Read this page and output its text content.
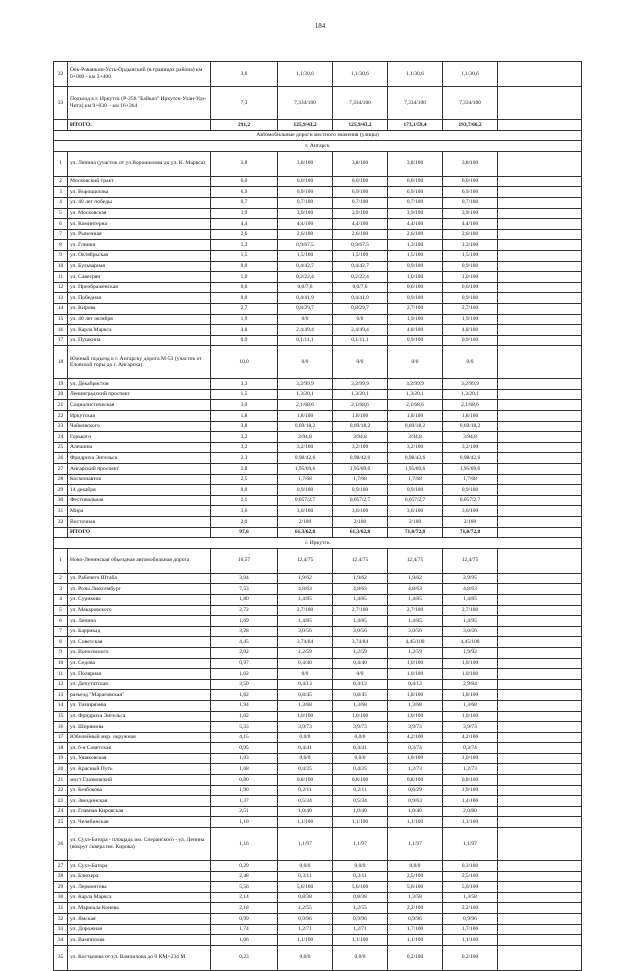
184
32	Оек-Рованкин-Усть-Ордынский (в границах района) км 0+000 - км 3+400	3,6	1,1/30,6	1,1/30,6	1,1/30,6	1,1/30,6	
33	Подъезд к г. Иркутск (Р-258 "Байкал" Иркутск-Улан-Удэ-Чита) км 9+030 – км 16+364	7,3	7,334/100	7,334/100	7,334/100	7,334/100	
	ИТОГО:	291,2	125,9/43,2	125,9/43,2	173,1/59,4	193,7/66,2	
Автомобильные дороги местного значения (улицы)							
г. Ангарск							
1	ул. Ленина (участок от ул.Ворошилова до ул. К. Маркса)	3,8	3,8/100	3,8/100	3,8/100	3,8/100	
2	Московский тракт	6,0	6,0/100	6,0/100	6,0/100	6,0/100	
3	ул. Ворошилова	6,9	6,9/100	6,9/100	6,9/100	6,9/100	
4	ул. 40 лет победы	0,7	0,7/100	0,7/100	0,7/100	0,7/100	
5	ул. Московская	3,9	3,9/100	3,9/100	3,9/100	3,9/100	
6	ул. Коминтерна	4,4	4,4/100	4,4/100	4,4/100	4,4/100	
7	ул. Рыночная	2,6	2,6/100	2,6/100	2,6/100	2,6/100	
8	ул. Глинки	1,3	0,9/67,5	0,9/67,5	1,3/100	1,3/100	
9	ул. Октябрьская	1,5	1,5/100	1,5/100	1,5/100	1,5/100	
10	ул. Бульварная	0,9	0,4/42,7	0,4/42,7	0,9/100	0,9/100	
11	ул. Савесрян	1,0	0,2/22,4	0,2/22,4	1,0/100	1,0/100	
12	ул. Преображенская	0,6	0,0/7,6	0,0/7,6	0,6/100	0,6/100	
13	ул. Победная	0,9	0,4/41,9	0,4/41,9	0,9/100	0,9/100	
14	ул. Кирова	2,7	0,8/29,7	0,8/29,7	2,7/100	2,7/100	
15	ул. 40 лет октября	1,9	0/0	0/0	1,9/100	1,9/100	
16	ул. Карла Маркса	4,8	2,4/49,4	2,4/49,4	4,8/100	4,8/100	
17	ул. Пушкина	0,9	0,1/11,1	0,1/11,1	0,9/100	0,9/100	
18	Южный подъезд к г. Ангарску дорога М-53 (участок от Еловской горы до г. Ангарска)	10,0	0/0	0/0	0/0	0/0	
19	ул. Декабристов	3,3	3,2/99,9	3,2/99,9	3,2/99,9	3,2/99,9	
20	Ленинградский проспект	1,5	1,3/20,1	1,3/20,1	1,3/20,1	1,3/20,1	
21	Социалистическая	3,0	2,1/68,6	2,1/68,6	2,1/68,6	2,1/68,6	
22	Иркутская	1,8	1,8/100	1,8/100	1,8/100	1,8/100	
23	Чайковского	3,8	0,69/18,2	0,69/18,2	0,69/18,2	0,69/18,2	
24	Горького	3,2	3/94,8	3/94,8	3/94,8	3/94,8	
25	Алешина	3,2	3,2/100	3,2/100	3,2/100	3,2/100	
26	Фридриха Энгельса	2,3	0,98/42,6	0,98/42,6	0,98/42,6	0,98/42,6	
27	Ангарский проспект	2,8	1,95/69,6	1,95/69,6	1,95/69,6	1,95/69,6	
28	Космонавтов	2,5	1,7/68	1,7/68	1,7/68	1,7/68	
29	14 декабря	0,9	0,9/100	0,9/100	0,9/100	0,9/100	
30	Фестивальная	2,1	0,057/2,7	0,057/2,7	0,057/2,7	0,057/2,7	
31	Мира	3,6	3,6/100	3,6/100	3,6/100	3,6/100	
32	Восточная	2,0	2/100	2/100	2/100	2/100	
	ИТОГО	97,6	61,3/62,8	61,3/62,8	71,0/72,8	71,0/72,8	
г. Иркутск							
1	Ново-Ленинская объездная автомобильная дорога	16,57	12,4/75	12,4/75	12,4/75	12,4/75	
2	ул. Рабочего Штаба	3,04	1,9/62	1,9/62	1,9/62	2,9/95	
3	ул. Розы Люксембург	7,53	4,8/63	4,8/63	4,8/63	4,8/63	
4	ул. Сурикова	1,80	1,4/85	1,4/85	1,4/85	1,4/85	
5	ул. Макаровского	2,72	2,7/100	2,7/100	2,7/100	2,7/100	
6	ул. Ленина	1,69	1,4/85	1,4/85	1,4/85	1,4/95	
7	ул. Баррикад	3,28	3,0/56	3,0/56	3,0/56	3,0/56	
8	ул. Советская	4,45	3,74/84	3,74/84	4,45/100	4,45/100	
9	ул. Вопосвского	2,02	1,2/59	1,2/59	1,2/59	1,9/92	
10	ул. Седова	0,97	0,4/40	0,4/40	1,0/100	1,0/100	
11	ул. Полярная	1,02	0/0	0/0	1,0/100	1,0/100	
12	ул. Депутатская	3,50	0,4/13	0,4/13	0,4/13	2,9/84	
13	разъезд "Мараговская"	1,82	0,8/45	0,8/45	1,8/100	1,8/100	
14	ул. Тимирязева	1,94	1,3/68	1,3/68	1,3/68	1,3/68	
15	ул. Фридриха Энгельса	1,02	1,0/100	1,0/100	1,0/100	1,0/100	
16	ул. Ширямова	5,33	3,9/73	3,9/73	3,9/73	3,9/73	
17	Юбилейный мкр. окружная	4,15	0,0/0	0,0/0	4,2/100	4,2/100	
18	ул. 6-я Советская	0,95	0,4/41	0,4/41	0,3/74	0,3/74	
19	ул. Ушаковская	1,03	0,0/0	0,0/0	1,0/100	1,0/100	
20	ул. Красный Путь	1,68	0,4/25	0,4/25	1,2/73	1,2/73	
21	мост Глазковский	0,80	0,8/100	0,8/100	0,8/100	0,8/100	
22	ул. Безбокова	1,90	0,2/11	0,2/11	0,6/29	1,9/100	
23	ул. Звездинская	1,37	0,5/34	0,5/34	0,9/63	1,4/100	
24	ул. Главная Кировская	2,51	1,0/40	1,0/40	1,0/40	2,0/80	
25	ул. Челябинская	1,10	1,1/100	1,1/100	1,1/100	1,1/100	
26	ул. Сухэ-Батора - площадь им. Сперанского - ул. Ленина (вокруг сквера им. Кирова)	1,16	1,1/97	1,1/97	1,1/97	1,1/97	
27	ул. Сухэ-Батора	0,29	0,0/0	0,0/0	0,0/0	0,3/100	
28	ул. Блюхера	2,48	0,3/11	0,3/11	2,5/100	2,5/100	
29	ул. Лермонтова	5,56	5,6/100	5,6/100	5,6/100	5,6/100	
30	ул. Карла Маркса	2,14	0,8/38	0,8/38	1,3/58	1,3/58	
31	ул. Маршала Конева	2,18	1,2/55	1,2/55	2,2/100	2,2/100	
32	ул. Ямская	0,99	0,9/96	0,9/96	0,9/96	0,9/96	
33	ул. Дорожная	1,74	1,2/71	1,2/71	1,7/100	1,7/100	
34	ул. Вампилова	1,06	1,1/100	1,1/100	1,1/100	1,1/100	
35	ул. Костычева от ул. Вампилова до 0 КМ+234 М	0,23	0,0/0	0,0/0	0,2/100	0,2/100	
